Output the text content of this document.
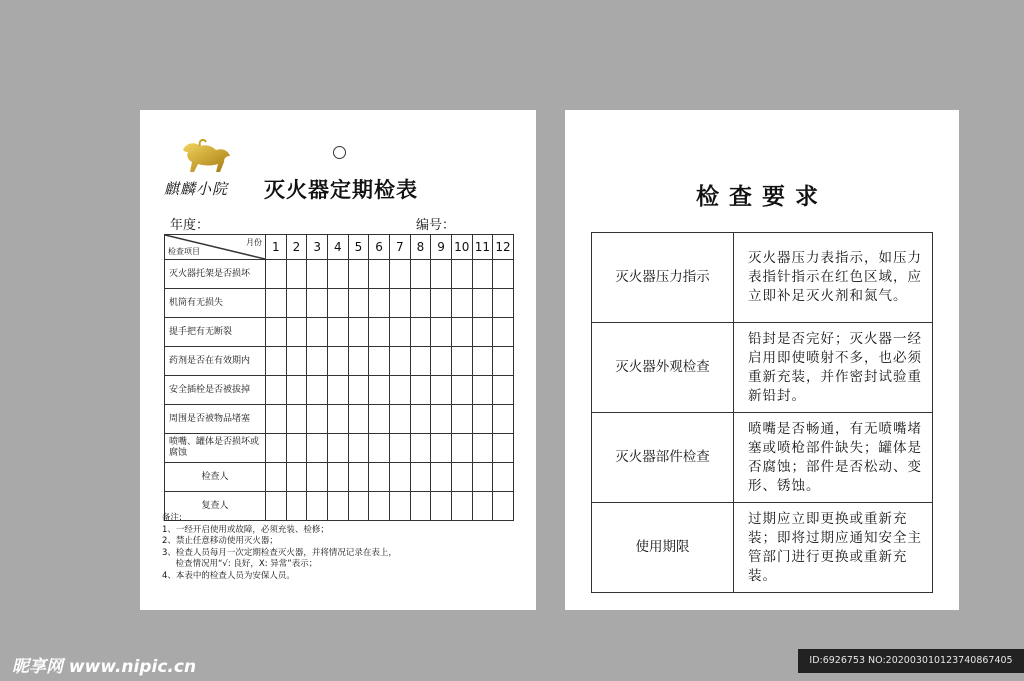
麒麟小院 灭火器定期检表
年度：	编号：
月份
检查项目	1	2	3	4	5	6	7	8	9	10	11	12
灭火器托架是否损坏												
机筒有无损失												
提手把有无断裂												
药剂是否在有效期内												
安全插栓是否被拔掉												
周围是否被物品堵塞												
喷嘴、罐体是否损坏或腐蚀												
检查人												
复查人												
备注:
1、一经开启使用或故障，必须充装、检修；
2、禁止任意移动使用灭火器；
3、检查人员每月一次定期检查灭火器，并将情况记录在表上，
检查情况用“√: 良好，X: 异常”表示；
4、本表中的检查人员为安保人员。
检查要求
灭火器压力指示	灭火器压力表指示，如压力表指针指示在红色区域，应立即补足灭火剂和氮气。
灭火器外观检查	铅封是否完好；灭火器一经启用即使喷射不多，也必须重新充装，并作密封试验重新铅封。
灭火器部件检查	喷嘴是否畅通，有无喷嘴堵塞或喷枪部件缺失；罐体是否腐蚀；部件是否松动、变形、锈蚀。
使用期限	过期应立即更换或重新充装；即将过期应通知安全主管部门进行更换或重新充装。
昵享网 www.nipic.cn	ID:6926753 NO:20200301012374086740​5
